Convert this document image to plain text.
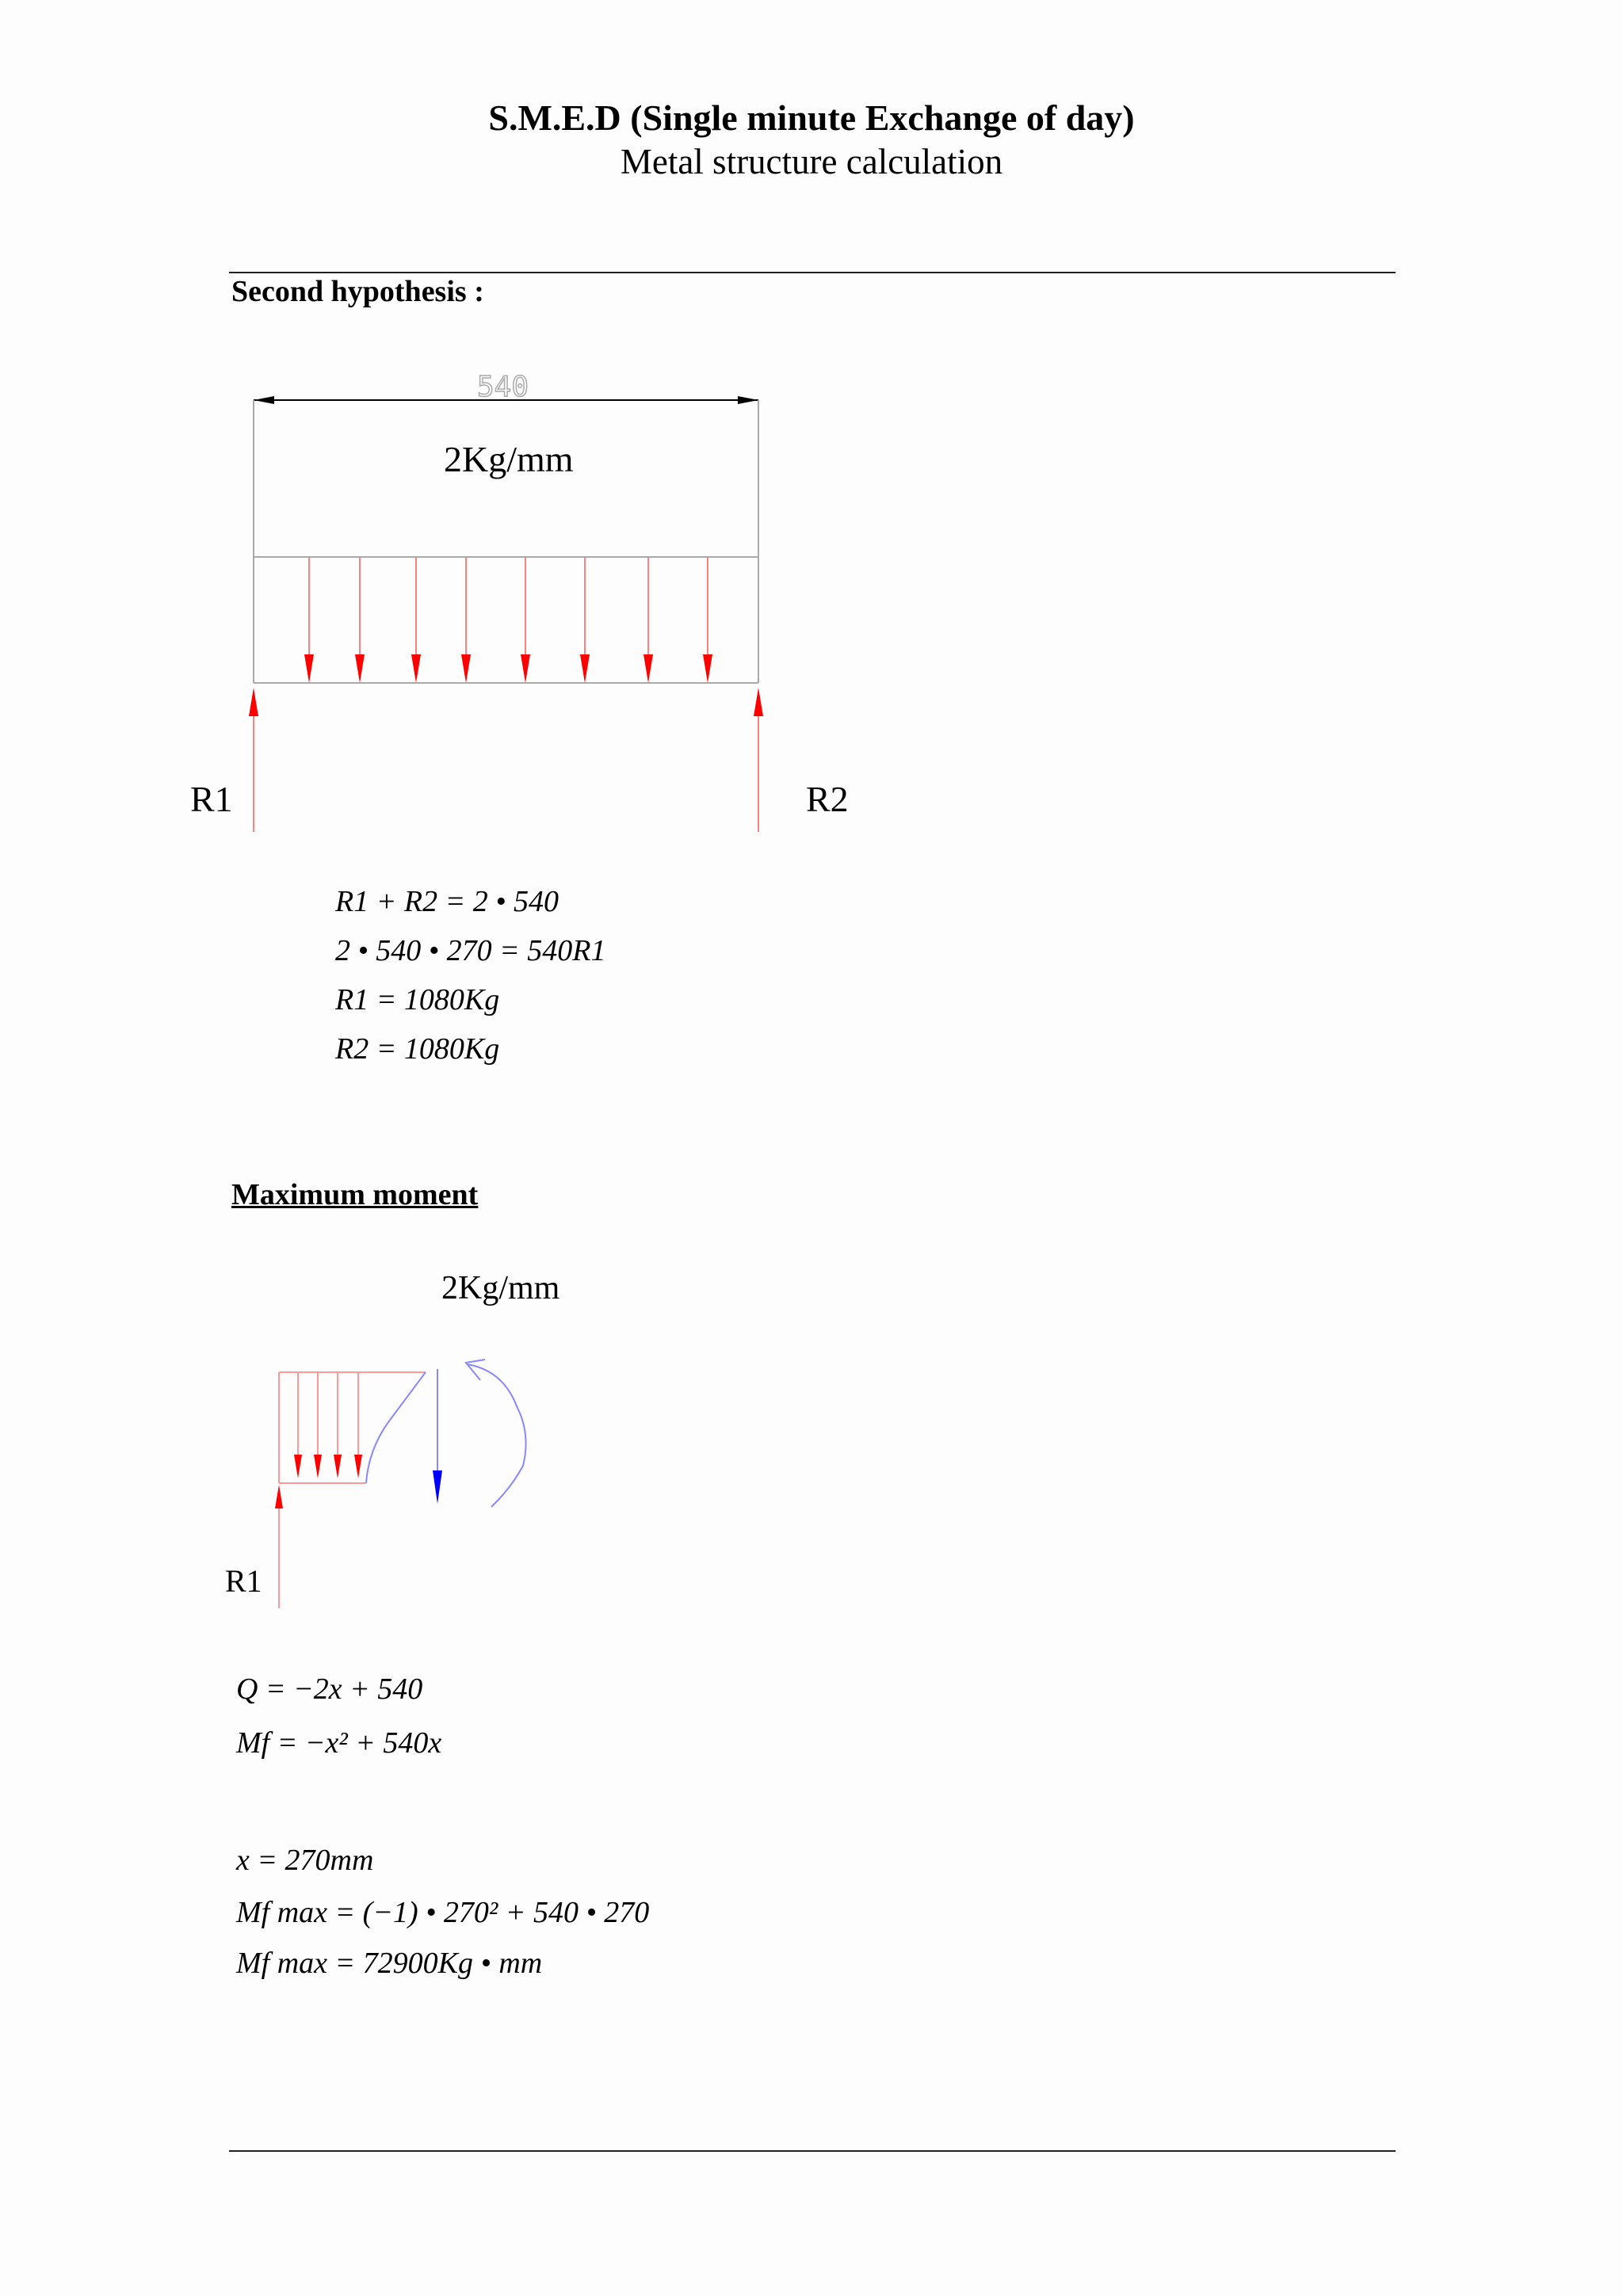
S.M.E.D (Single minute Exchange of day)
Metal structure calculation
Second hypothesis :
540
2Kg/mm
R1	R2
R1 + R2 = 2 • 540
2 • 540 • 270 = 540R1
R1 = 1080Kg
R2 = 1080Kg
Maximum moment
2Kg/mm
R1
Q = −2x + 540
Mf = −x² + 540x
x = 270mm
Mf max = (−1) • 270² + 540 • 270
Mf max = 72900Kg • mm
